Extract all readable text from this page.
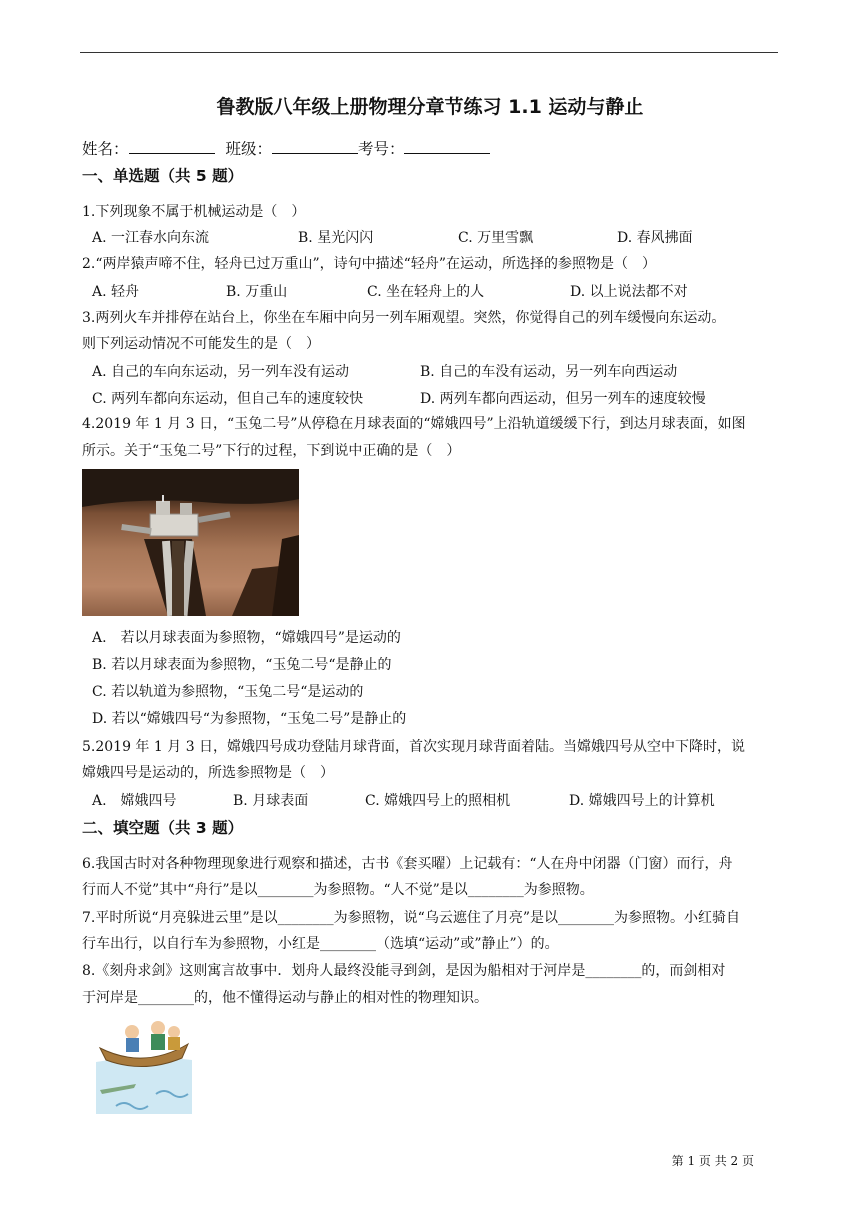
鲁教版八年级上册物理分章节练习 1.1 运动与静止
姓名：	班级：	考号：
一、单选题（共 5 题）
1.下列现象不属于机械运动是（　）
A. 一江春水向东流	B. 星光闪闪	C. 万里雪飘	D. 春风拂面
2.“两岸猿声啼不住，轻舟已过万重山”，诗句中描述“轻舟”在运动，所选择的参照物是（　）
A. 轻舟	B. 万重山	C. 坐在轻舟上的人	D. 以上说法都不对
3.两列火车并排停在站台上，你坐在车厢中向另一列车厢观望。突然，你觉得自己的列车缓慢向东运动。
则下列运动情况不可能发生的是（　）
A. 自己的车向东运动，另一列车没有运动	B. 自己的车没有运动，另一列车向西运动
C. 两列车都向东运动，但自己车的速度较快	D. 两列车都向西运动，但另一列车的速度较慢
4.2019 年 1 月 3 日，“玉兔二号”从停稳在月球表面的“嫦娥四号”上沿轨道缓缓下行，到达月球表面，如图
所示。关于“玉兔二号”下行的过程，下到说中正确的是（　）
A.　若以月球表面为参照物，“嫦娥四号”是运动的
B. 若以月球表面为参照物，“玉兔二号“是静止的
C. 若以轨道为参照物，“玉兔二号“是运动的
D. 若以“嫦娥四号“为参照物，“玉兔二号”是静止的
5.2019 年 1 月 3 日，嫦娥四号成功登陆月球背面，首次实现月球背面着陆。当嫦娥四号从空中下降时，说
嫦娥四号是运动的，所选参照物是（　）
A.　嫦娥四号	B. 月球表面	C. 嫦娥四号上的照相机	D. 嫦娥四号上的计算机
二、填空题（共 3 题）
6.我国古时对各种物理现象进行观察和描述，古书《套买曜）上记载有：“人在舟中闭器（门窗）而行，舟
行而人不觉”其中“舟行”是以________为参照物。“人不觉”是以________为参照物。
7.平时所说“月亮躲进云里”是以________为参照物，说“乌云遮住了月亮”是以________为参照物。小红骑自
行车出行，以自行车为参照物，小红是________（选填“运动”或”静止”）的。
8.《刻舟求剑》这则寓言故事中．划舟人最终没能寻到剑，是因为船相对于河岸是________的，而剑相对
于河岸是________的，他不懂得运动与静止的相对性的物理知识。
第 1 页 共 2 页
